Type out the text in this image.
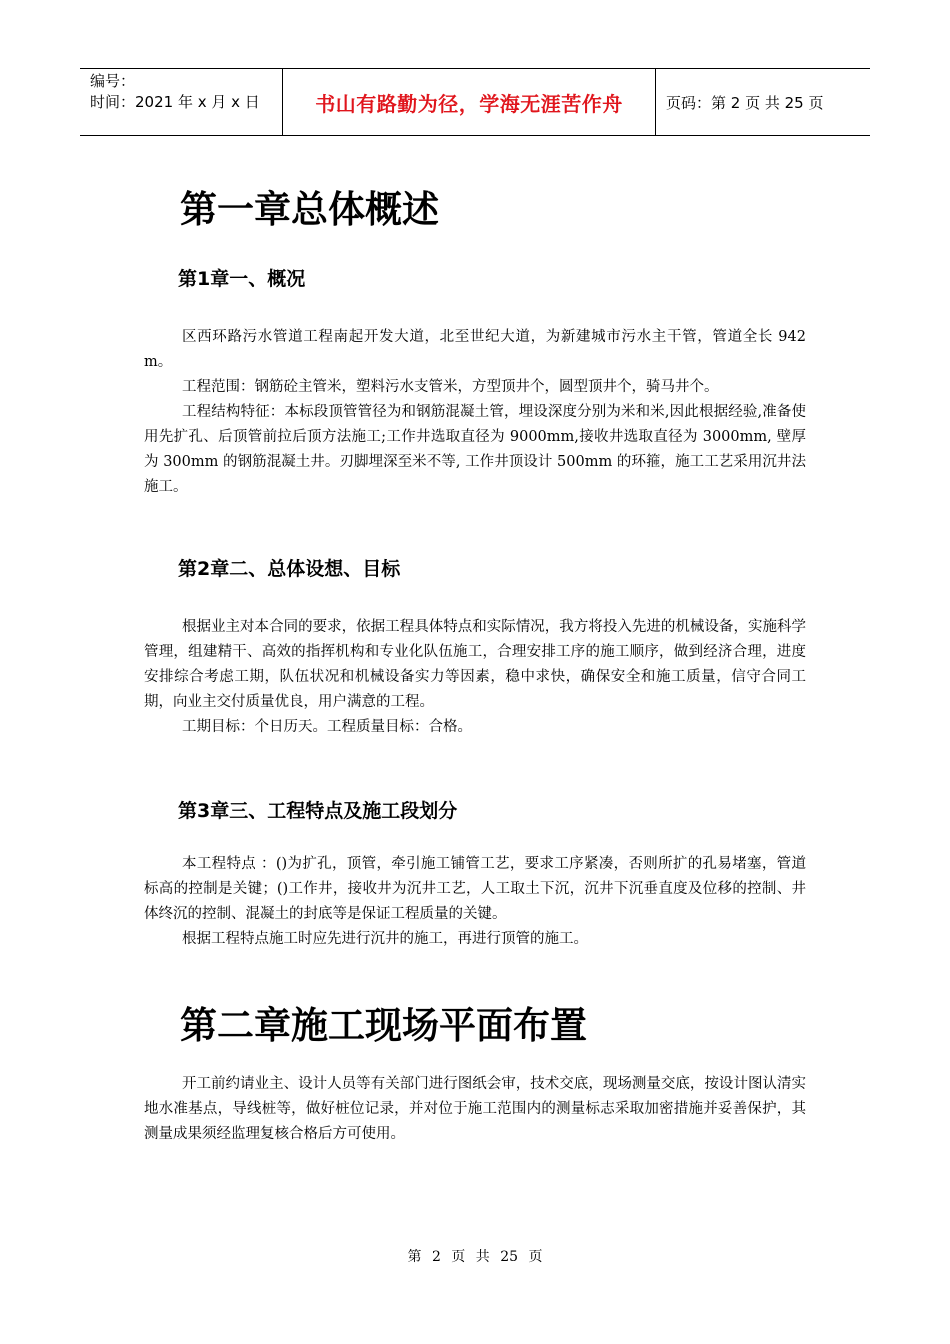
编号：
时间：2021 年 x 月 x 日	书山有路勤为径，学海无涯苦作舟	页码：第 2 页 共 25 页
第一章总体概述
第1章一、概况

区西环路污水管道工程南起开发大道，北至世纪大道，为新建城市污水主干管，管道全长 942m。

工程范围：钢筋砼主管米，塑料污水支管米，方型顶井个，圆型顶井个，骑马井个。

工程结构特征：本标段顶管管径为和钢筋混凝土管，埋设深度分别为米和米,因此根据经验,准备使用先扩孔、后顶管前拉后顶方法施工;工作井选取直径为 9000mm,接收井选取直径为 3000mm, 壁厚为 300mm 的钢筋混凝土井。刃脚埋深至米不等, 工作井顶设计 500mm 的环箍，施工工艺采用沉井法施工。

第2章二、总体设想、目标

根据业主对本合同的要求，依据工程具体特点和实际情况，我方将投入先进的机械设备，实施科学管理，组建精干、高效的指挥机构和专业化队伍施工，合理安排工序的施工顺序，做到经济合理，进度安排综合考虑工期，队伍状况和机械设备实力等因素，稳中求快，确保安全和施工质量，信守合同工期，向业主交付质量优良，用户满意的工程。

工期目标：个日历天。工程质量目标：合格。

第3章三、工程特点及施工段划分

本工程特点 ：()为扩孔，顶管，牵引施工铺管工艺，要求工序紧凑，否则所扩的孔易堵塞，管道标高的控制是关键；()工作井，接收井为沉井工艺，人工取土下沉，沉井下沉垂直度及位移的控制、井体终沉的控制、混凝土的封底等是保证工程质量的关键。

根据工程特点施工时应先进行沉井的施工，再进行顶管的施工。

第二章施工现场平面布置

开工前约请业主、设计人员等有关部门进行图纸会审，技术交底，现场测量交底，按设计图认清实地水准基点，导线桩等，做好桩位记录，并对位于施工范围内的测量标志采取加密措施并妥善保护，其测量成果须经监理复核合格后方可使用。

第 2 页 共 25 页
